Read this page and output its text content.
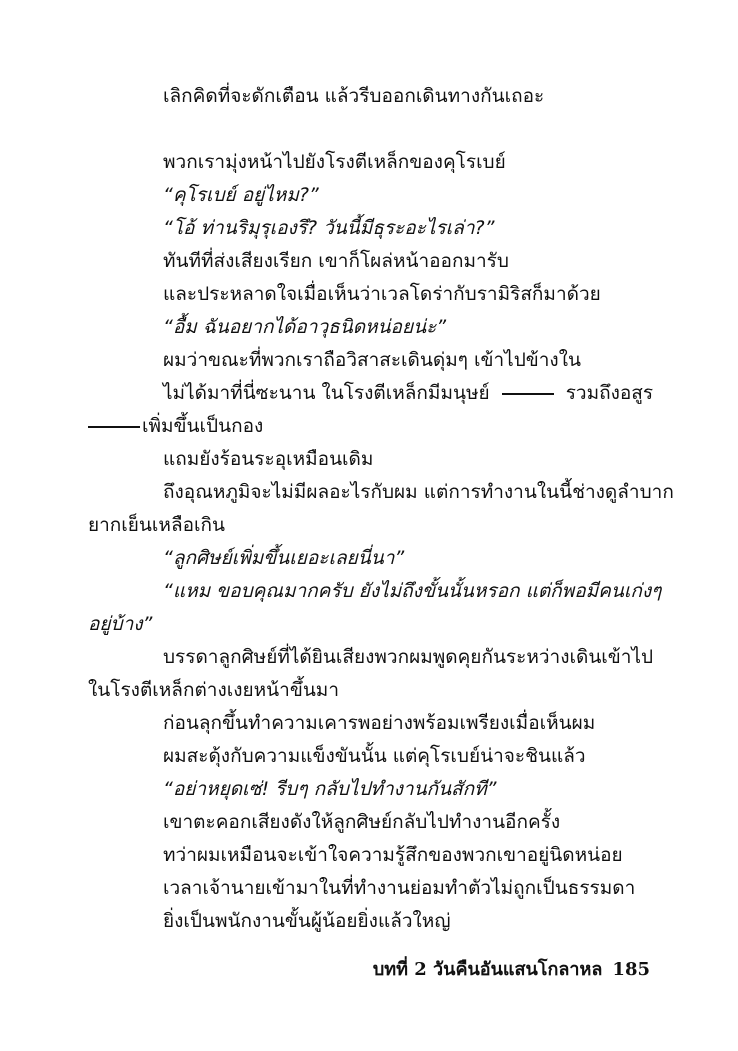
เลิกคิดที่จะดักเตือน แล้วรีบออกเดินทางกันเถอะ
พวกเรามุ่งหน้าไปยังโรงตีเหล็กของคุโรเบย์
“คุโรเบย์ อยู่ไหม?”
“โอ้ ท่านริมุรุเองรึ? วันนี้มีธุระอะไรเล่า?”
ทันทีที่ส่งเสียงเรียก เขาก็โผล่หน้าออกมารับ
และประหลาดใจเมื่อเห็นว่าเวลโดร่ากับรามิริสก็มาด้วย
“อื้ม ฉันอยากได้อาวุธนิดหน่อยน่ะ”
ผมว่าขณะที่พวกเราถือวิสาสะเดินดุ่มๆ เข้าไปข้างใน
ไม่ได้มาที่นี่ซะนาน ในโรงตีเหล็กมีมนุษย์	รวมถึงอสูร
เพิ่มขึ้นเป็นกอง
แถมยังร้อนระอุเหมือนเดิม
ถึงอุณหภูมิจะไม่มีผลอะไรกับผม แต่การทำงานในนี้ช่างดูลำบาก
ยากเย็นเหลือเกิน
“ลูกศิษย์เพิ่มขึ้นเยอะเลยนี่นา”
“แหม ขอบคุณมากครับ ยังไม่ถึงขั้นนั้นหรอก แต่ก็พอมีคนเก่งๆ
อยู่บ้าง”
บรรดาลูกศิษย์ที่ได้ยินเสียงพวกผมพูดคุยกันระหว่างเดินเข้าไป
ในโรงตีเหล็กต่างเงยหน้าขึ้นมา
ก่อนลุกขึ้นทำความเคารพอย่างพร้อมเพรียงเมื่อเห็นผม
ผมสะดุ้งกับความแข็งขันนั้น แต่คุโรเบย์น่าจะชินแล้ว
“อย่าหยุดเซ่! รีบๆ กลับไปทำงานกันสักที”
เขาตะคอกเสียงดังให้ลูกศิษย์กลับไปทำงานอีกครั้ง
ทว่าผมเหมือนจะเข้าใจความรู้สึกของพวกเขาอยู่นิดหน่อย
เวลาเจ้านายเข้ามาในที่ทำงานย่อมทำตัวไม่ถูกเป็นธรรมดา
ยิ่งเป็นพนักงานขั้นผู้น้อยยิ่งแล้วใหญ่
บทที่ 2 วันคืนอันแสนโกลาหล 185
